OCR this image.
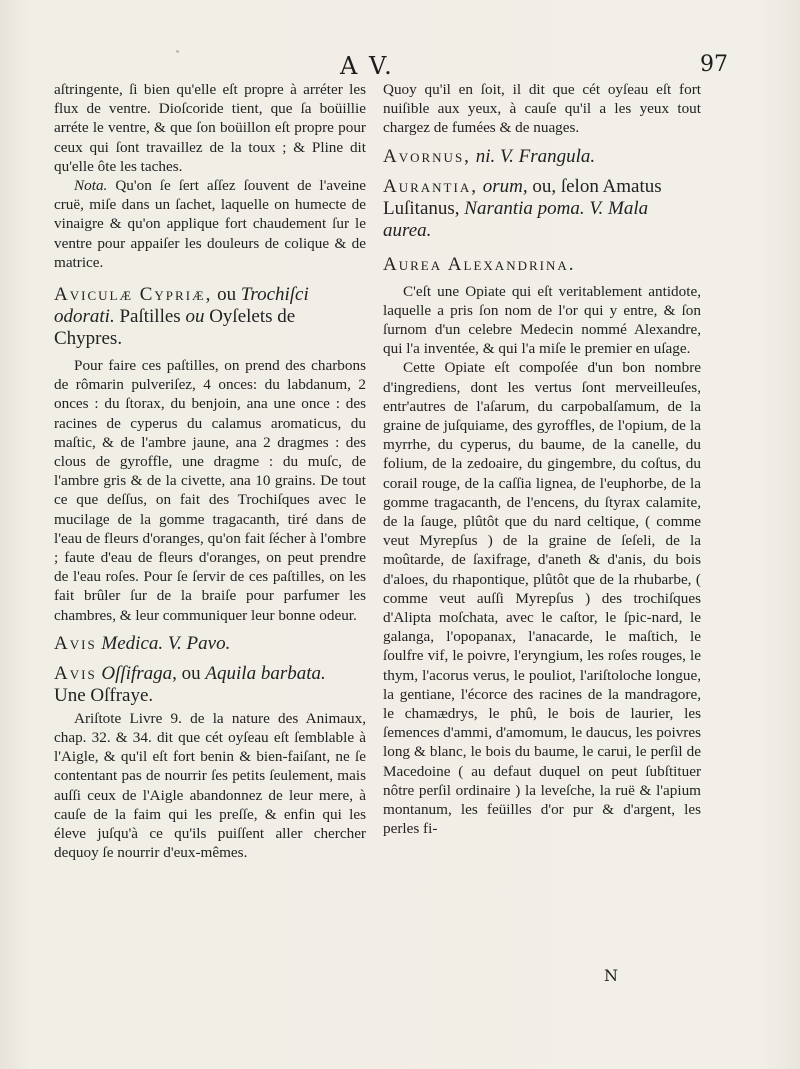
A V.	97

aſtringente, ſi bien qu'elle eſt propre à arréter les flux de ventre. Dioſcoride tient, que ſa boüillie arréte le ventre, & que ſon boüillon eſt propre pour ceux qui ſont travaillez de la toux ; & Pline dit qu'elle ôte les taches.

Nota. Qu'on ſe ſert aſſez ſouvent de l'aveine cruë, miſe dans un ſachet, laquelle on humecte de vinaigre & qu'on applique fort chaudement ſur le ventre pour appaiſer les douleurs de colique & de matrice.

Aviculæ Cypriæ, ou Trochiſci odorati. Paſtilles ou Oyſelets de Chypres.

Pour faire ces paſtilles, on prend des charbons de rômarin pulveriſez, 4 onces: du labdanum, 2 onces : du ſtorax, du benjoin, ana une once : des racines de cyperus du calamus aromaticus, du maſtic, & de l'ambre jaune, ana 2 dragmes : des clous de gyroffle, une dragme : du muſc, de l'ambre gris & de la civette, ana 10 grains. De tout ce que deſſus, on fait des Trochiſques avec le mucilage de la gomme tragacanth, tiré dans de l'eau de fleurs d'oranges, qu'on fait ſécher à l'ombre ; faute d'eau de fleurs d'oranges, on peut prendre de l'eau roſes. Pour ſe ſervir de ces paſtilles, on les fait brûler ſur de la braiſe pour parfumer les chambres, & leur communiquer leur bonne odeur.

Avis Medica. V. Pavo.
Avis Oſſifraga, ou Aquila barbata.
Une Oſfraye.

Ariſtote Livre 9. de la nature des Animaux, chap. 32. & 34. dit que cét oyſeau eſt ſemblable à l'Aigle, & qu'il eſt fort benin & bien-faiſant, ne ſe contentant pas de nourrir ſes petits ſeulement, mais auſſi ceux de l'Aigle abandonnez de leur mere, à cauſe de la faim qui les preſſe, & enfin qui les éleve juſqu'à ce qu'ils puiſſent aller chercher dequoy ſe nourrir d'eux-mêmes.

Quoy qu'il en ſoit, il dit que cét oyſeau eſt fort nuiſible aux yeux, à cauſe qu'il a les yeux tout chargez de fumées & de nuages.

Avornus, ni. V. Frangula.
Aurantia, orum, ou, ſelon Amatus Luſitanus, Narantia poma. V. Mala aurea.
Aurea Alexandrina.

C'eſt une Opiate qui eſt veritablement antidote, laquelle a pris ſon nom de l'or qui y entre, & ſon ſurnom d'un celebre Medecin nommé Alexandre, qui l'a inventée, & qui l'a miſe le premier en uſage.

Cette Opiate eſt compoſée d'un bon nombre d'ingrediens, dont les vertus ſont merveilleuſes, entr'autres de l'aſarum, du carpobalſamum, de la graine de juſquiame, des gyroffles, de l'opium, de la myrrhe, du cyperus, du baume, de la canelle, du folium, de la zedoaire, du gingembre, du coſtus, du corail rouge, de la caſſia lignea, de l'euphorbe, de la gomme tragacanth, de l'encens, du ſtyrax calamite, de la ſauge, plûtôt que du nard celtique, ( comme veut Myrepſus ) de la graine de ſeſeli, de la moûtarde, de ſaxifrage, d'aneth & d'anis, du bois d'aloes, du rhapontique, plûtôt que de la rhubarbe, ( comme veut auſſi Myrepſus ) des trochiſques d'Alipta moſchata, avec le caſtor, le ſpic-nard, le galanga, l'opopanax, l'anacarde, le maſtich, le ſoulfre vif, le poivre, l'eryngium, les roſes rouges, le thym, l'acorus verus, le pouliot, l'ariſtoloche longue, la gentiane, l'écorce des racines de la mandragore, le chamædrys, le phû, le bois de laurier, les ſemences d'ammi, d'amomum, le daucus, les poivres long & blanc, le bois du baume, le carui, le perſil de Macedoine ( au defaut duquel on peut ſubſtituer nôtre perſil ordinaire ) la leveſche, la ruë & l'apium montanum, les feüilles d'or pur & d'argent, les perles fi-

N
